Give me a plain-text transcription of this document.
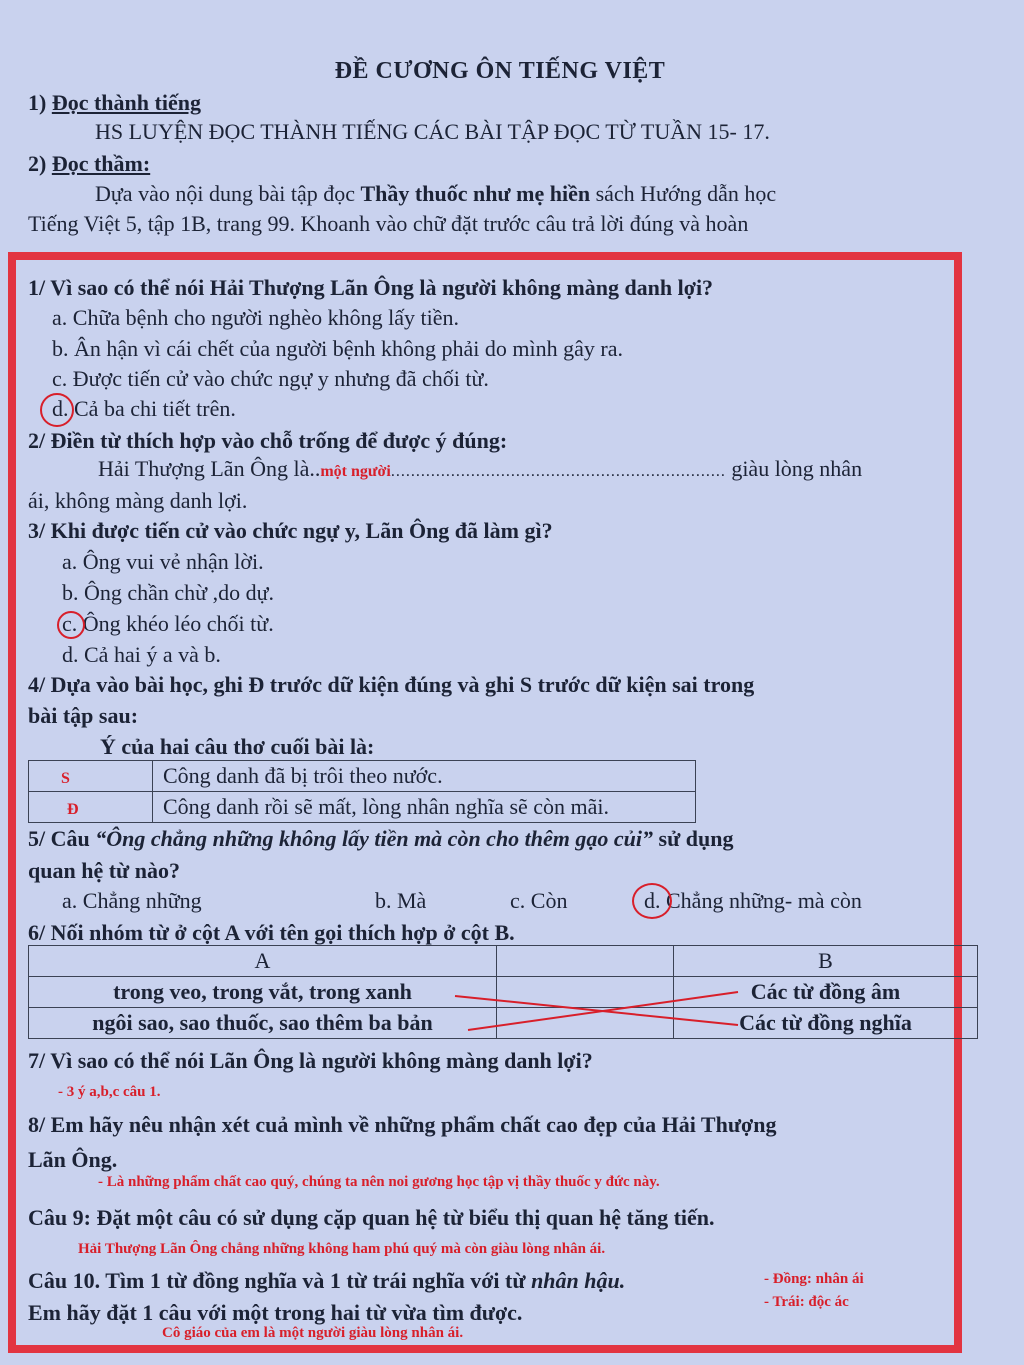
ĐỀ CƯƠNG ÔN TIẾNG VIỆT
1) Đọc thành tiếng
HS LUYỆN ĐỌC THÀNH TIẾNG CÁC BÀI TẬP ĐỌC TỪ TUẦN 15- 17.
2) Đọc thầm:
Dựa vào nội dung bài tập đọc Thầy thuốc như mẹ hiền sách Hướng dẫn học
Tiếng Việt 5, tập 1B, trang 99. Khoanh vào chữ đặt trước câu trả lời đúng và hoàn
1/ Vì sao có thể nói Hải Thượng Lãn Ông là người không màng danh lợi?
a. Chữa bệnh cho người nghèo không lấy tiền.
b. Ân hận vì cái chết của người bệnh không phải do mình gây ra.
c. Được tiến cử vào chức ngự y nhưng đã chối từ.
d. Cả ba chi tiết trên.
2/ Điền từ thích hợp vào chỗ trống để được ý đúng:
Hải Thượng Lãn Ông là..một người................................................................... giàu lòng nhân
ái, không màng danh lợi.
3/ Khi được tiến cử vào chức ngự y, Lãn Ông đã làm gì?
a. Ông vui vẻ nhận lời.
b. Ông chần chừ ,do dự.
c. Ông khéo léo chối từ.
d. Cả hai ý a và b.
4/ Dựa vào bài học, ghi Đ trước dữ kiện đúng và ghi S trước dữ kiện sai trong
bài tập sau:
Ý của hai câu thơ cuối bài là:
S	Công danh đã bị trôi theo nước.
Đ	Công danh rồi sẽ mất, lòng nhân nghĩa sẽ còn mãi.
5/ Câu “Ông chẳng những không lấy tiền mà còn cho thêm gạo củi” sử dụng
quan hệ từ nào?
a. Chẳng những	b. Mà	c. Còn	d. Chẳng những- mà còn
6/ Nối nhóm từ ở cột A với tên gọi thích hợp ở cột B.
A		B
trong veo, trong vắt, trong xanh		Các từ đồng âm
ngôi sao, sao thuốc, sao thêm ba bản		Các từ đồng nghĩa
7/ Vì sao có thể nói Lãn Ông là người không màng danh lợi?
- 3 ý a,b,c câu 1.
8/ Em hãy nêu nhận xét cuả mình về những phẩm chất cao đẹp của Hải Thượng
Lãn Ông.
- Là những phẩm chất cao quý, chúng ta nên noi gương học tập vị thầy thuốc y đức này.
Câu 9: Đặt một câu có sử dụng cặp quan hệ từ biểu thị quan hệ tăng tiến.
Hải Thượng Lãn Ông chẳng những không ham phú quý mà còn giàu lòng nhân ái.
Câu 10. Tìm 1 từ đồng nghĩa và 1 từ trái nghĩa với từ nhân hậu.
Em hãy đặt 1 câu với một trong hai từ vừa tìm được.
- Đồng: nhân ái
- Trái: độc ác
Cô giáo của em là một người giàu lòng nhân ái.
